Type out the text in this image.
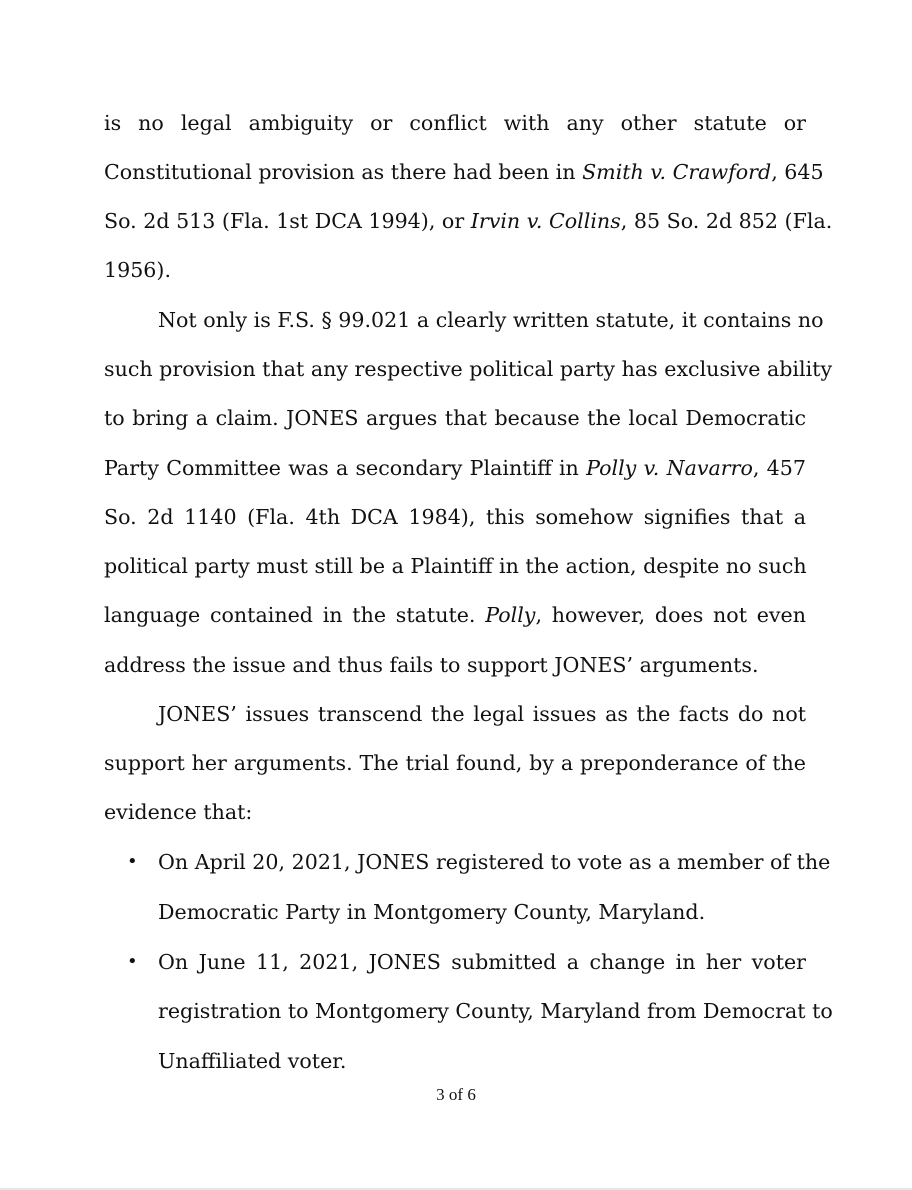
is no legal ambiguity or conflict with any other statute or

Constitutional provision as there had been in Smith v. Crawford, 645

So. 2d 513 (Fla. 1st DCA 1994), or Irvin v. Collins, 85 So. 2d 852 (Fla.

1956).

Not only is F.S. § 99.021 a clearly written statute, it contains no

such provision that any respective political party has exclusive ability

to bring a claim. JONES argues that because the local Democratic

Party Committee was a secondary Plaintiff in Polly v. Navarro, 457

So. 2d 1140 (Fla. 4th DCA 1984), this somehow signifies that a

political party must still be a Plaintiff in the action, despite no such

language contained in the statute. Polly, however, does not even

address the issue and thus fails to support JONES’ arguments.

JONES’ issues transcend the legal issues as the facts do not

support her arguments. The trial found, by a preponderance of the

evidence that:

• On April 20, 2021, JONES registered to vote as a member of the

Democratic Party in Montgomery County, Maryland.

• On June 11, 2021, JONES submitted a change in her voter

registration to Montgomery County, Maryland from Democrat to

Unaffiliated voter.

3 of 6
